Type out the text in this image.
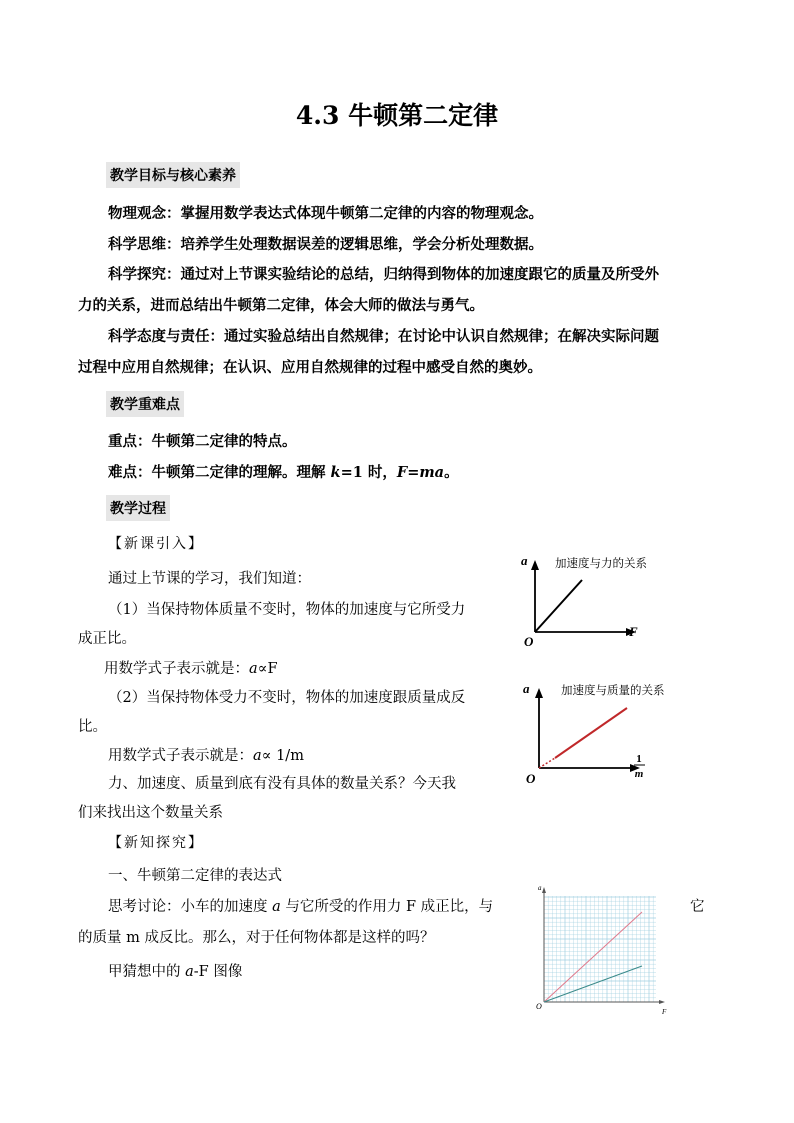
4.3 牛顿第二定律
教学目标与核心素养
物理观念：掌握用数学表达式体现牛顿第二定律的内容的物理观念。
科学思维：培养学生处理数据误差的逻辑思维，学会分析处理数据。
科学探究：通过对上节课实验结论的总结，归纳得到物体的加速度跟它的质量及所受外
力的关系，进而总结出牛顿第二定律，体会大师的做法与勇气。
科学态度与责任：通过实验总结出自然规律；在讨论中认识自然规律；在解决实际问题
过程中应用自然规律；在认识、应用自然规律的过程中感受自然的奥妙。
教学重难点
重点：牛顿第二定律的特点。
难点：牛顿第二定律的理解。理解 k=1 时，F=ma。
教学过程
【新课引入】
通过上节课的学习，我们知道：
（1）当保持物体质量不变时，物体的加速度与它所受力
成正比。
用数学式子表示就是：a∝F
（2）当保持物体受力不变时，物体的加速度跟质量成反
比。
用数学式子表示就是：a∝ 1/m
力、加速度、质量到底有没有具体的数量关系？今天我
们来找出这个数量关系
【新知探究】
一、牛顿第二定律的表达式
思考讨论：小车的加速度 a 与它所受的作用力 F 成正比，与	它
的质量 m 成反比。那么，对于任何物体都是这样的吗？
甲猜想中的 a-F 图像
a
F
O
加速度与力的关系
a
1
m
O
加速度与质量的关系
a
F
O
